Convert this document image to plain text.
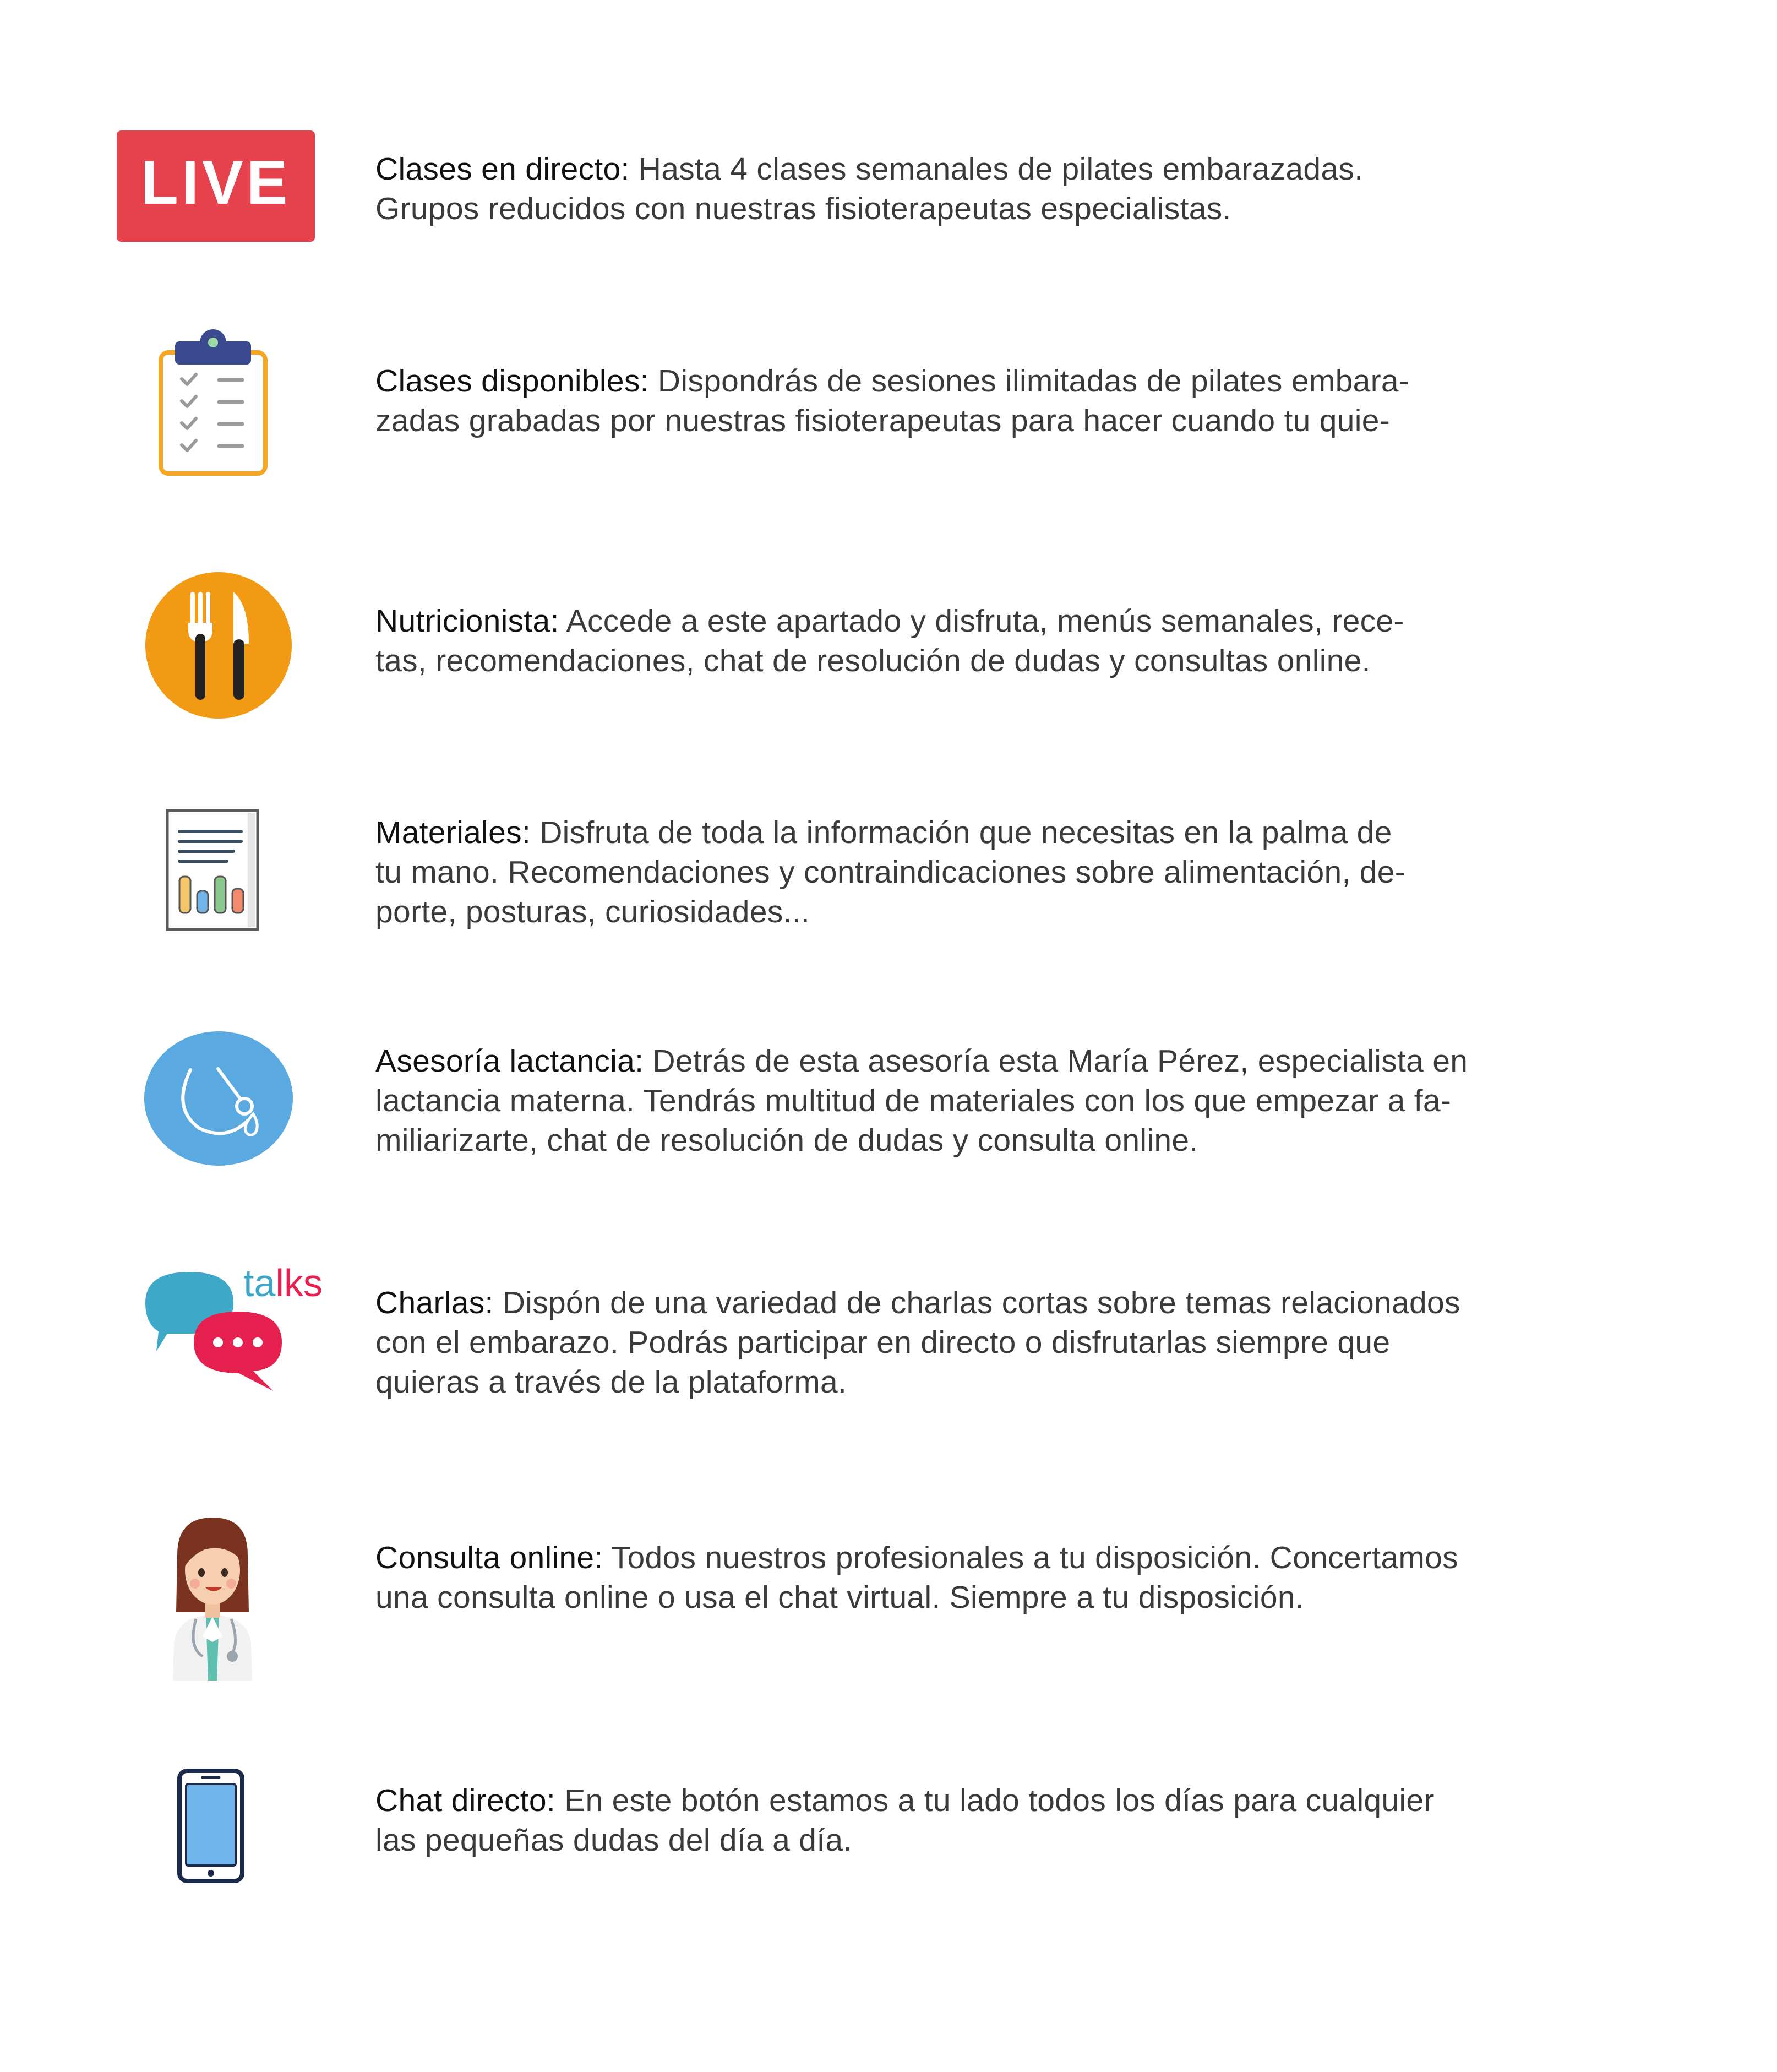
LIVE	Clases en directo: Hasta 4 clases semanales de pilates embarazadas.
Grupos reducidos con nuestras fisioterapeutas especialistas.

Clases disponibles: Dispondrás de sesiones ilimitadas de pilates embara-
zadas grabadas por nuestras fisioterapeutas para hacer cuando tu quie-

Nutricionista: Accede a este apartado y disfruta, menús semanales, rece-
tas, recomendaciones, chat de resolución de dudas y consultas online.

Materiales: Disfruta de toda la información que necesitas en la palma de
tu mano. Recomendaciones y contraindicaciones sobre alimentación, de-
porte, posturas, curiosidades...

Asesoría lactancia: Detrás de esta asesoría esta María Pérez, especialista en
lactancia materna. Tendrás multitud de materiales con los que empezar a fa-
miliarizarte, chat de resolución de dudas y consulta online.

talks Charlas: Dispón de una variedad de charlas cortas sobre temas relacionados
con el embarazo. Podrás participar en directo o disfrutarlas siempre que
quieras a través de la plataforma.

Consulta online: Todos nuestros profesionales a tu disposición. Concertamos
una consulta online o usa el chat virtual. Siempre a tu disposición.

Chat directo: En este botón estamos a tu lado todos los días para cualquier
las pequeñas dudas del día a día.
